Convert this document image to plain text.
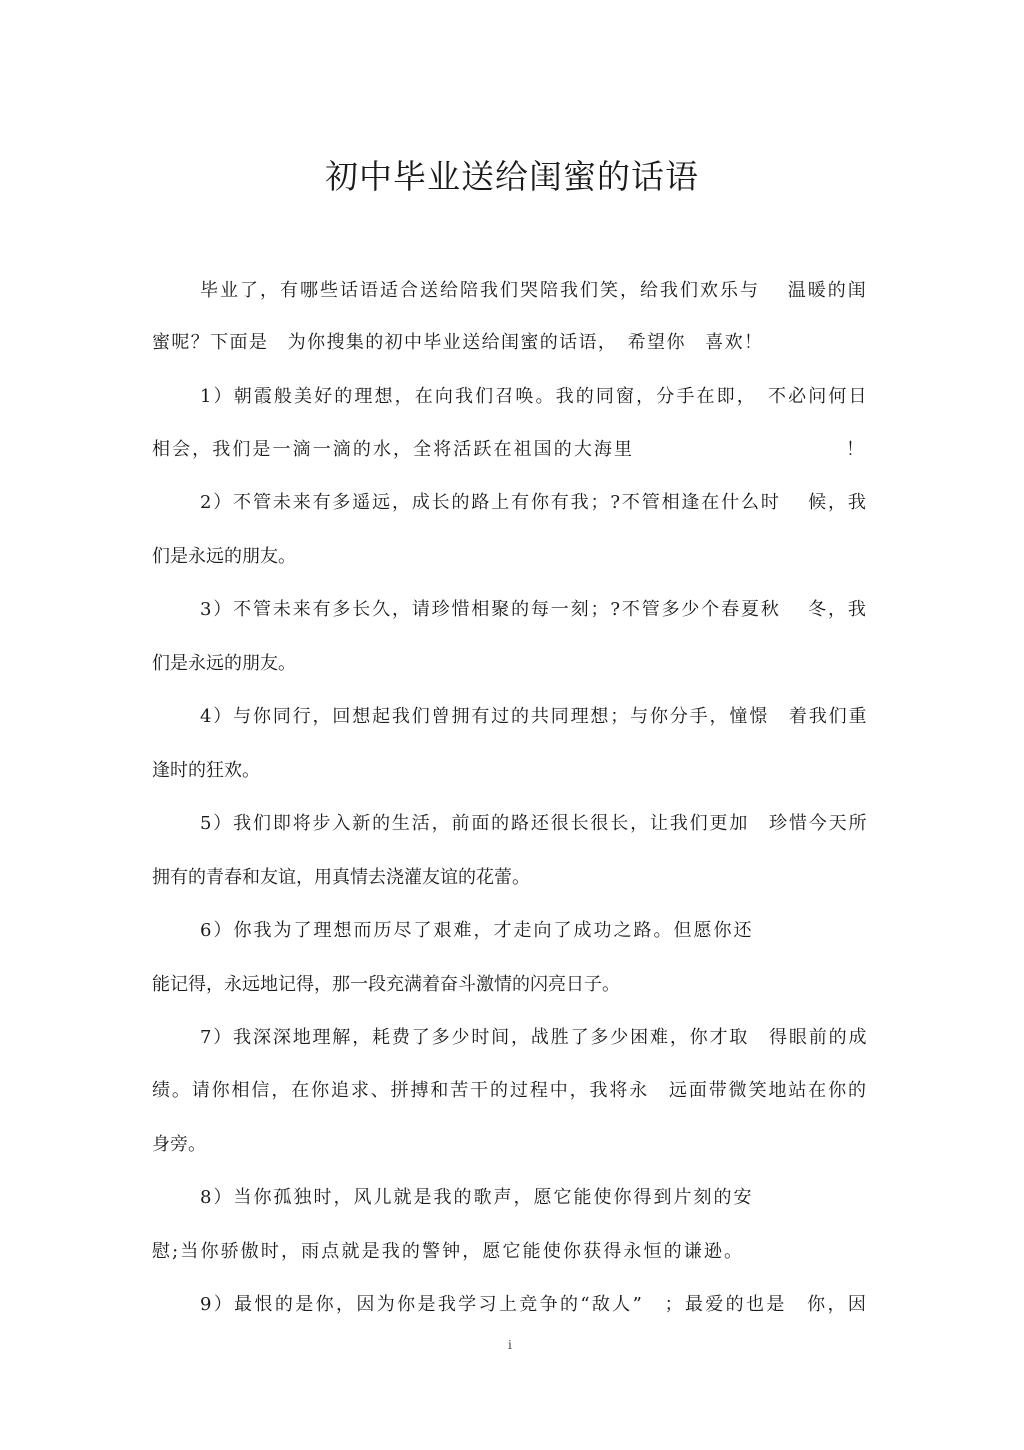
初中毕业送给闺蜜的话语
毕业了，有哪些话语适合送给陪我们哭陪我们笑，给我们欢乐与　 温暖的闺
蜜呢？下面是　为你搜集的初中毕业送给闺蜜的话语，　希望你　喜欢！
1）朝霞般美好的理想，在向我们召唤。我的同窗，分手在即，　不必问何日
相会，我们是一滴一滴的水，全将活跃在祖国的大海里	！
2）不管未来有多遥远，成长的路上有你有我；?不管相逢在什么时　 候，我
们是永远的朋友。
3）不管未来有多长久，请珍惜相聚的每一刻；?不管多少个春夏秋　 冬，我
们是永远的朋友。
4）与你同行，回想起我们曾拥有过的共同理想；与你分手，憧憬　着我们重
逢时的狂欢。
5）我们即将步入新的生活，前面的路还很长很长，让我们更加　珍惜今天所
拥有的青春和友谊，用真情去浇灌友谊的花蕾。
6）你我为了理想而历尽了艰难，才走向了成功之路。但愿你还
能记得，永远地记得，那一段充满着奋斗激情的闪亮日子。
7）我深深地理解，耗费了多少时间，战胜了多少困难，你才取　得眼前的成
绩。请你相信，在你追求、拼搏和苦干的过程中，我将永　远面带微笑地站在你的
身旁。
8）当你孤独时，风儿就是我的歌声，愿它能使你得到片刻的安
慰;当你骄傲时，雨点就是我的警钟，愿它能使你获得永恒的谦逊。
9）最恨的是你，因为你是我学习上竞争的“敌人”　；最爱的也是　你，因
i
